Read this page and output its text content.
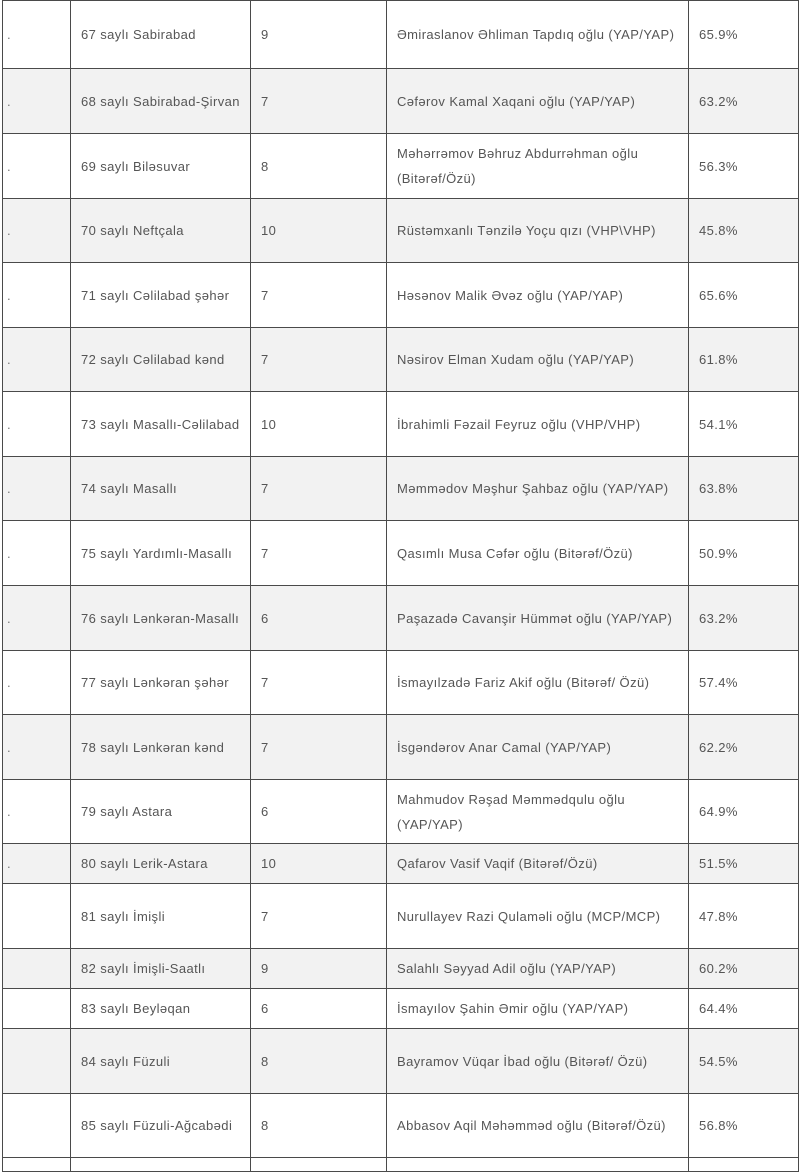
.	67 saylı Sabirabad	9	Əmiraslanov Əhliman Tapdıq oğlu (YAP/YAP)	65.9%
.	68 saylı Sabirabad-Şirvan	7	Cəfərov Kamal Xaqani oğlu (YAP/YAP)	63.2%
.	69 saylı Biləsuvar	8	Məhərrəmov Bəhruz Abdurrəhman oğlu (Bitərəf/Özü)	56.3%
.	70 saylı Neftçala	10	Rüstəmxanlı Tənzilə Yoçu qızı (VHP\VHP)	45.8%
.	71 saylı Cəlilabad şəhər	7	Həsənov Malik Əvəz oğlu (YAP/YAP)	65.6%
.	72 saylı Cəlilabad kənd	7	Nəsirov Elman Xudam oğlu (YAP/YAP)	61.8%
.	73 saylı Masallı-Cəlilabad	10	İbrahimli Fəzail Feyruz oğlu (VHP/VHP)	54.1%
.	74 saylı Masallı	7	Məmmədov Məşhur Şahbaz oğlu (YAP/YAP)	63.8%
.	75 saylı Yardımlı-Masallı	7	Qasımlı Musa Cəfər oğlu (Bitərəf/Özü)	50.9%
.	76 saylı Lənkəran-Masallı	6	Paşazadə Cavanşir Hümmət oğlu (YAP/YAP)	63.2%
.	77 saylı Lənkəran şəhər	7	İsmayılzadə Fariz Akif oğlu (Bitərəf/ Özü)	57.4%
.	78 saylı Lənkəran kənd	7	İsgəndərov Anar Camal (YAP/YAP)	62.2%
.	79 saylı Astara	6	Mahmudov Rəşad Məmmədqulu oğlu (YAP/YAP)	64.9%
.	80 saylı Lerik-Astara	10	Qafarov Vasif Vaqif (Bitərəf/Özü)	51.5%
	81 saylı İmişli	7	Nurullayev Razi Qulaməli oğlu (MCP/MCP)	47.8%
	82 saylı İmişli-Saatlı	9	Salahlı Səyyad Adil oğlu (YAP/YAP)	60.2%
	83 saylı Beyləqan	6	İsmayılov Şahin Əmir oğlu (YAP/YAP)	64.4%
	84 saylı Füzuli	8	Bayramov Vüqar İbad oğlu (Bitərəf/ Özü)	54.5%
	85 saylı Füzuli-Ağcabədi	8	Abbasov Aqil Məhəmməd oğlu (Bitərəf/Özü)	56.8%
